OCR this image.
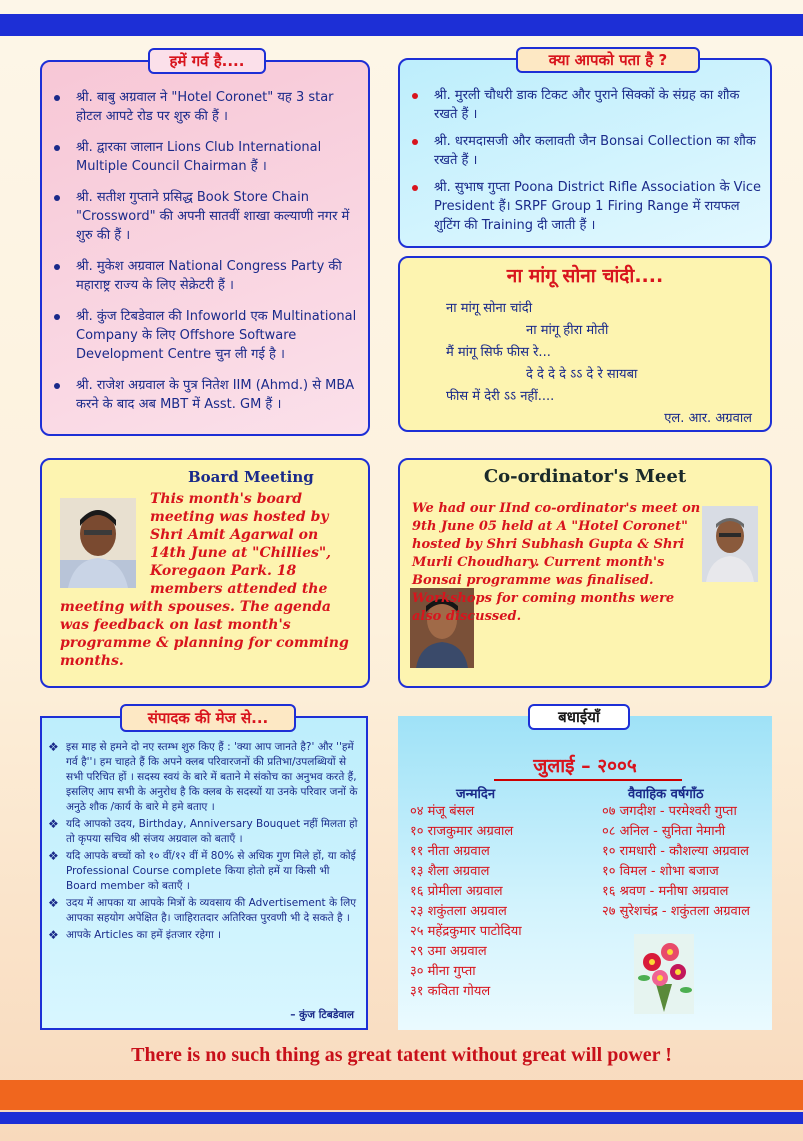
हमें गर्व है....
श्री. बाबु अग्रवाल ने "Hotel Coronet" यह 3 star होटल आपटे रोड पर शुरु की हैं ।
श्री. द्वारका जालान Lions Club International Multiple Council Chairman हैं ।
श्री. सतीश गुप्ताने प्रसिद्ध Book Store Chain "Crossword" की अपनी सातवीं शाखा कल्याणी नगर में शुरु की हैं ।
श्री. मुकेश अग्रवाल National Congress Party की महाराष्ट्र राज्य के लिए सेक्रेटरी हैं ।
श्री. कुंज टिबडेवाल की Infoworld एक Multinational Company के लिए Offshore Software Development Centre चुन ली गई है ।
श्री. राजेश अग्रवाल के पुत्र नितेश IIM (Ahmd.) से MBA करने के बाद अब MBT में Asst. GM हैं ।
क्या आपको पता है ?
श्री. मुरली चौधरी डाक टिकट और पुराने सिक्कों के संग्रह का शौक रखते हैं ।
श्री. धरमदासजी और कलावती जैन Bonsai Collection का शौक रखते हैं ।
श्री. सुभाष गुप्ता Poona District Rifle Association के Vice President हैं। SRPF Group 1 Firing Range में रायफल शुटिंग की Training दी जाती हैं ।
ना मांगू सोना चांदी....
ना मांगू सोना चांदी
ना मांगू हीरा मोती
मैं मांगू सिर्फ फीस रे...
दे दे दे दे ऽऽ दे रे सायबा
फीस में देरी ऽऽ नहीं....
एल. आर. अग्रवाल
Board Meeting
This month's board meeting was hosted by Shri Amit Agarwal on 14th June at "Chillies", Koregaon Park. 18 members attended the meeting with spouses. The agenda was feedback on last month's programme & planning for comming months.
Co-ordinator's Meet
We had our IInd co-ordinator's meet on 9th June 05 held at A "Hotel Coronet" hosted by Shri Subhash Gupta & Shri Murli Choudhary. Current month's Bonsai programme was finalised. Workshops for coming months were also discussed.
संपादक की मेज से...
❖ इस माह से हमने दो नए स्तम्भ शुरु किए हैं : 'क्या आप जानते है?' और ''हमें गर्व है''। हम चाहते हैं कि अपने क्लब परिवारजनों की प्रतिभा/उपलब्धियों से सभी परिचित हों । सदस्य स्वयं के बारे में बताने मे संकोच का अनुभव करते हैं, इसलिए आप सभी के अनुरोध है कि क्लब के सदस्यों या उनके परिवार जनों के अनुठे शौक /कार्य के बारे मे हमे बताए ।
❖ यदि आपको उदय, Birthday, Anniversary Bouquet नहीं मिलता हो तो कृपया सचिव श्री संजय अग्रवाल को बताएँ ।
❖ यदि आपके बच्चों को १० वीं/१२ वीं में 80% से अधिक गुण मिले हों, या कोई Professional Course complete किया होतो हमें या किसी भी Board member को बताएँ ।
❖ उदय में आपका या आपके मित्रों के व्यवसाय की Advertisement के लिए आपका सहयोग अपेक्षित है। जाहिरातदार अतिरिक्त पुरवणी भी दे सकते है ।
❖ आपके Articles का हमें इंतजार रहेगा ।
– कुंज टिबडेवाल
बधाईयाँ
जुलाई – २००५
जन्मदिन	वैवाहिक वर्षगाँठ
०४ मंजू बंसल
१० राजकुमार अग्रवाल
११ नीता अग्रवाल
१३ शैला अग्रवाल
१६ प्रोमीला अग्रवाल
२३ शकुंतला अग्रवाल
२५ महेंद्रकुमार पाटोदिया
२९ उमा अग्रवाल
३० मीना गुप्ता
३१ कविता गोयल
०७ जगदीश - परमेश्वरी गुप्ता
०८ अनिल - सुनिता नेमानी
१० रामधारी - कौशल्या अग्रवाल
१० विमल - शोभा बजाज
१६ श्रवण - मनीषा अग्रवाल
२७ सुरेशचंद्र - शकुंतला अग्रवाल
There is no such thing as great tatent without great will power !
